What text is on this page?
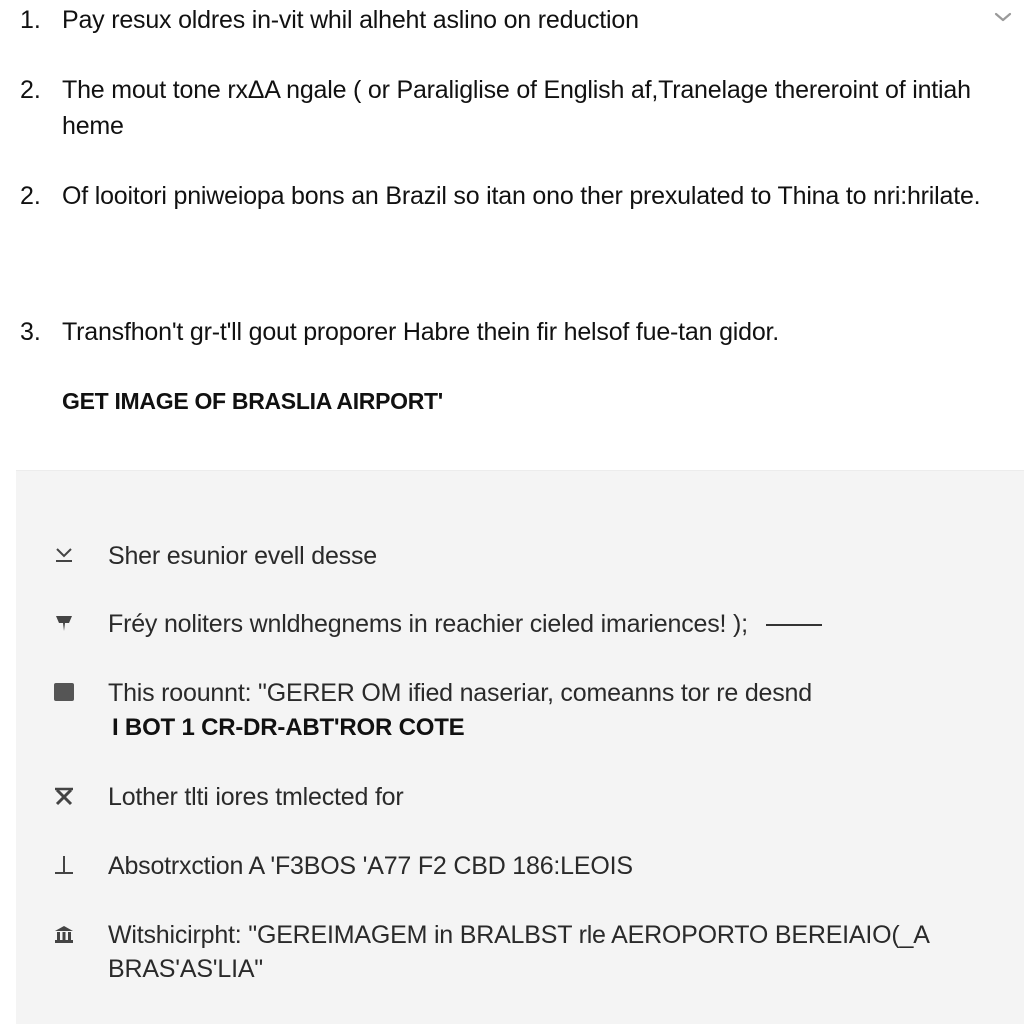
1. Pay resux oldres in-vit whil alheht aslino on reduction
2. The mout tone rxΔA ngale ( or Paraliglise of English af,Tranelage thereroint of intiah heme
2. Of looitori pniweiopa bons an Brazil so itan ono ther prexulated to Thina to nri:hrilate.
3. Transfhon't gr-t'll gout proporer Habre thein fir helsof fue-tan gidor.
GET IMAGE OF BRASLIA AIRPORT'
Sher esunior evell desse
Fréy noliters wnldhegnems in reachier cieled imariences! );
This roounnt: "GERER OM ified naseriar, comeanns tor re desnd
I BOT 1 CR-DR-ABT'ROR COTE
Lother tlti iores tmlected for
Absotrxction A 'F3BOS 'A77 F2 CBD 186:LEOIS
Witshicirpht: "GEREIMAGEM in BRALBST rle AEROPORTO BEREIAIO(_A BRAS'AS'LIA"
